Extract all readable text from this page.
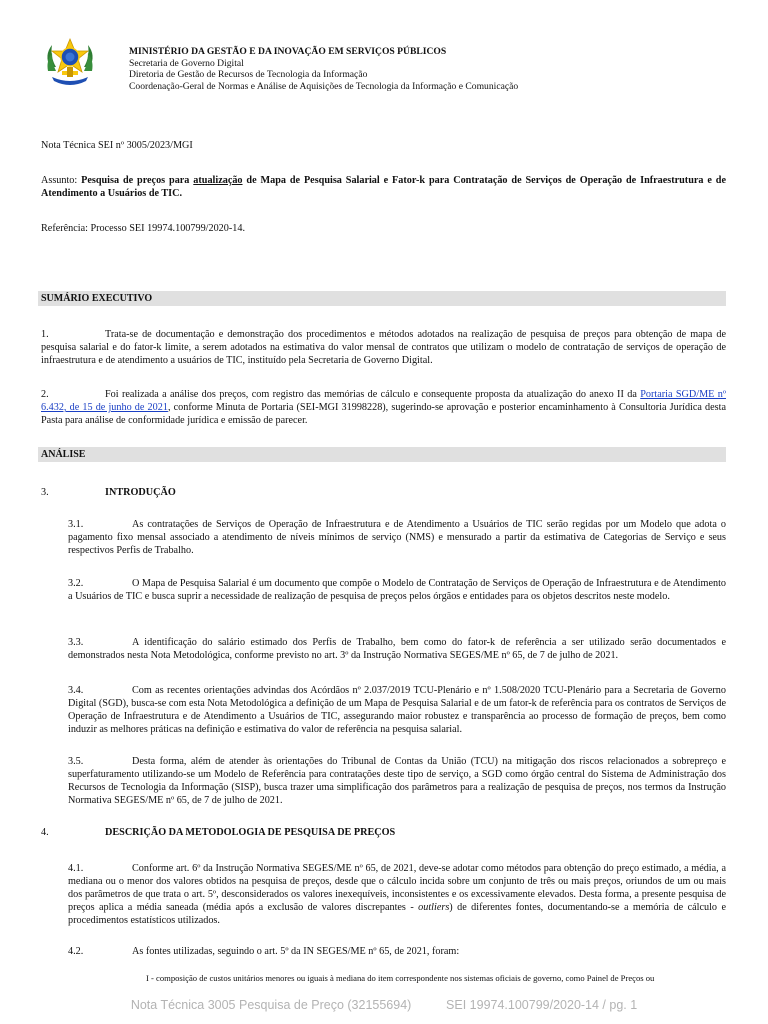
MINISTÉRIO DA GESTÃO E DA INOVAÇÃO EM SERVIÇOS PÚBLICOS
Secretaria de Governo Digital
Diretoria de Gestão de Recursos de Tecnologia da Informação
Coordenação-Geral de Normas e Análise de Aquisições de Tecnologia da Informação e Comunicação
Nota Técnica SEI nº 3005/2023/MGI
Assunto: Pesquisa de preços para atualização de Mapa de Pesquisa Salarial e Fator-k para Contratação de Serviços de Operação de Infraestrutura e de Atendimento a Usuários de TIC.
Referência: Processo SEI 19974.100799/2020-14.
SUMÁRIO EXECUTIVO
1.	Trata-se de documentação e demonstração dos procedimentos e métodos adotados na realização de pesquisa de preços para obtenção de mapa de pesquisa salarial e do fator-k limite, a serem adotados na estimativa do valor mensal de contratos que utilizam o modelo de contratação de serviços de operação de infraestrutura e de atendimento a usuários de TIC, instituído pela Secretaria de Governo Digital.
2.	Foi realizada a análise dos preços, com registro das memórias de cálculo e consequente proposta da atualização do anexo II da Portaria SGD/ME nº 6.432, de 15 de junho de 2021, conforme Minuta de Portaria (SEI-MGI 31998228), sugerindo-se aprovação e posterior encaminhamento à Consultoria Jurídica desta Pasta para análise de conformidade jurídica e emissão de parecer.
ANÁLISE
3.	INTRODUÇÃO
3.1.	As contratações de Serviços de Operação de Infraestrutura e de Atendimento a Usuários de TIC serão regidas por um Modelo que adota o pagamento fixo mensal associado a atendimento de níveis mínimos de serviço (NMS) e mensurado a partir da estimativa de Categorias de Serviço e seus respectivos Perfis de Trabalho.
3.2.	O Mapa de Pesquisa Salarial é um documento que compõe o Modelo de Contratação de Serviços de Operação de Infraestrutura e de Atendimento a Usuários de TIC e busca suprir a necessidade de realização de pesquisa de preços pelos órgãos e entidades para os objetos descritos neste modelo.
3.3.	A identificação do salário estimado dos Perfis de Trabalho, bem como do fator-k de referência a ser utilizado serão documentados e demonstrados nesta Nota Metodológica, conforme previsto no art. 3º da Instrução Normativa SEGES/ME nº 65, de 7 de julho de 2021.
3.4.	Com as recentes orientações advindas dos Acórdãos nº 2.037/2019 TCU-Plenário e nº 1.508/2020 TCU-Plenário para a Secretaria de Governo Digital (SGD), busca-se com esta Nota Metodológica a definição de um Mapa de Pesquisa Salarial e de um fator-k de referência para os contratos de Serviços de Operação de Infraestrutura e de Atendimento a Usuários de TIC, assegurando maior robustez e transparência ao processo de formação de preços, bem como induzir as melhores práticas na definição e estimativa do valor de referência na pesquisa salarial.
3.5.	Desta forma, além de atender às orientações do Tribunal de Contas da União (TCU) na mitigação dos riscos relacionados a sobrepreço e superfaturamento utilizando-se um Modelo de Referência para contratações deste tipo de serviço, a SGD como órgão central do Sistema de Administração dos Recursos de Tecnologia da Informação (SISP), busca trazer uma simplificação dos parâmetros para a realização de pesquisa de preços, nos termos da Instrução Normativa SEGES/ME nº 65, de 7 de julho de 2021.
4.	DESCRIÇÃO DA METODOLOGIA DE PESQUISA DE PREÇOS
4.1.	Conforme art. 6º da Instrução Normativa SEGES/ME nº 65, de 2021, deve-se adotar como métodos para obtenção do preço estimado, a média, a mediana ou o menor dos valores obtidos na pesquisa de preços, desde que o cálculo incida sobre um conjunto de três ou mais preços, oriundos de um ou mais dos parâmetros de que trata o art. 5º, desconsiderados os valores inexequíveis, inconsistentes e os excessivamente elevados. Desta forma, a presente pesquisa de preços aplica a média saneada (média após a exclusão de valores discrepantes - outliers) de diferentes fontes, documentando-se a memória de cálculo e procedimentos estatísticos utilizados.
4.2.	As fontes utilizadas, seguindo o art. 5º da IN SEGES/ME nº 65, de 2021, foram:
I - composição de custos unitários menores ou iguais à mediana do item correspondente nos sistemas oficiais de governo, como Painel de Preços ou
Nota Técnica 3005 Pesquisa de Preço (32155694)          SEI 19974.100799/2020-14 / pg. 1
